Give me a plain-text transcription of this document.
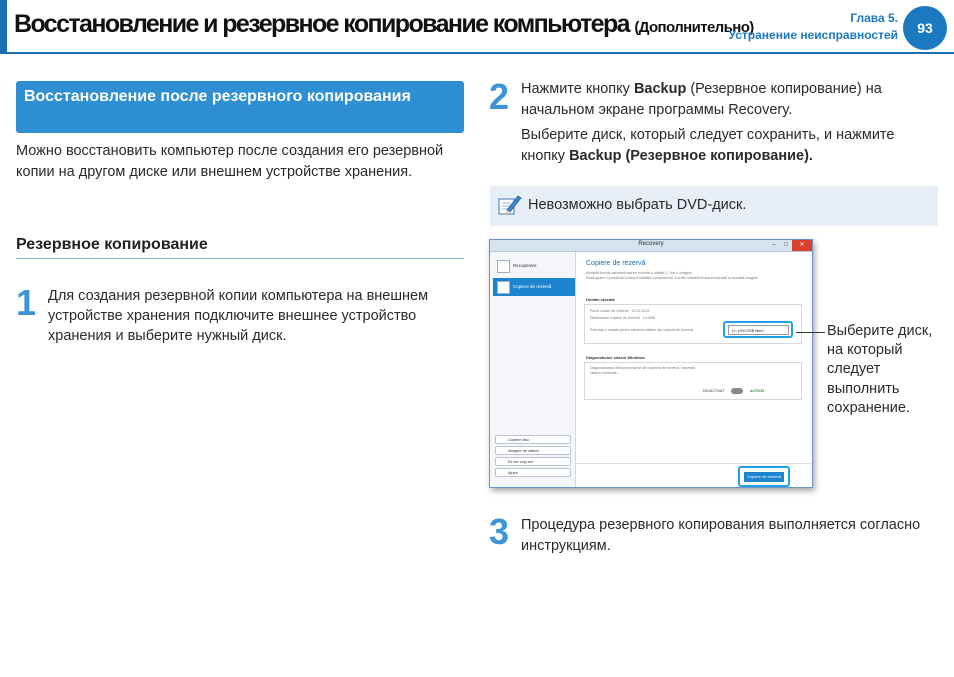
Восстановление и резервное копирование компьютера (Дополнительно)
Глава 5.
Устранение неисправностей	93
Восстановление после резервного копирования
Можно восстановить компьютер после создания его резервной копии на другом диске или внешнем устройстве хранения.
Резервное копирование
1 Для создания резервной копии компьютера на внешнем устройстве хранения подключите внешнее устройство хранения и выберите нужный диск.
2 Нажмите кнопку Backup (Резервное копирование) на начальном экране программы Recovery.
Выберите диск, который следует сохранить, и нажмите кнопку Backup (Резервное копирование).
Невозможно выбрать DVD-диск.
Recovery	–	□	✕
Recuperare
Copiere de rezervă
Copiere disc
Imagine de sistem
Ex ser copi rez
Ajutor
Copiere de rezervă
Această funcție salvează starea curentă a unității C: într-o imagine.
Dacă apare o problemă în timpul utilizării computerului, îl puteți restabili la starea salvată în această imagine.
Unitate stocată
Punct creare de rezervă : 12.09.2012
Dimensiune copiere de rezervă : 14.0GB
Selectați o unitate pentru salvarea datelor din copiere de rezervă	D:\ (200.0GB liber)
Diagnosticare sistem Windows
Diagnosticarea Windows înainte de copierea de rezervă. Necesită câteva momente.
DEZACTIVAT	ACTIVAT
Copiere de rezervă
Выберите диск, на который следует выполнить сохранение.
3 Процедура резервного копирования выполняется согласно инструкциям.
